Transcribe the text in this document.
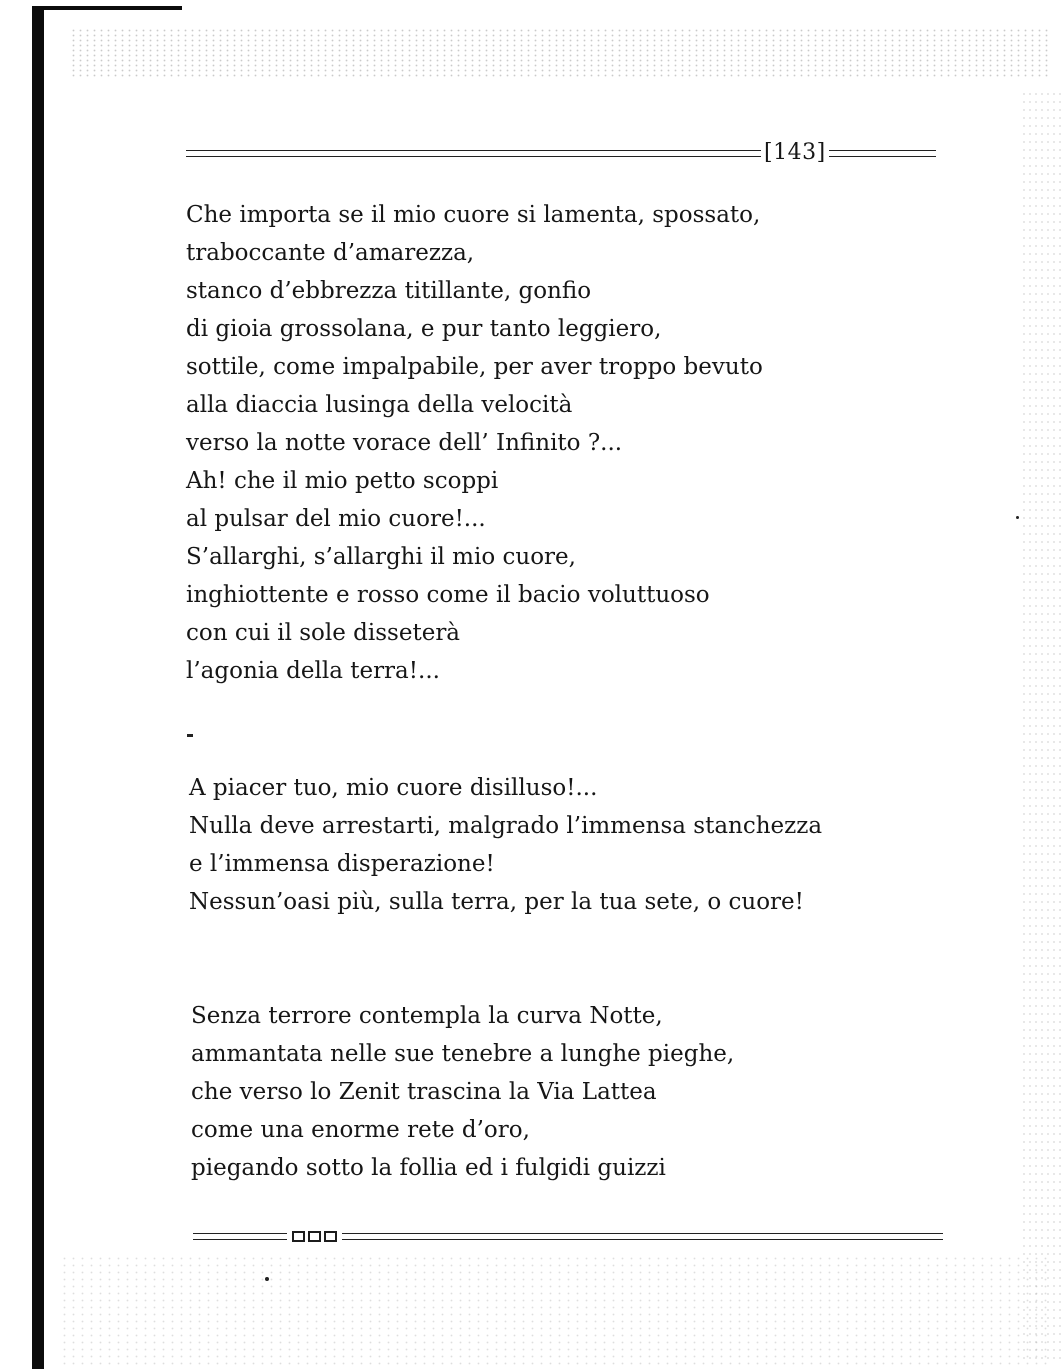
[143]
Che importa se il mio cuore si lamenta, spossato,
traboccante d’amarezza,
stanco d’ebbrezza titillante, gonfio
di gioia grossolana, e pur tanto leggiero,
sottile, come impalpabile, per aver troppo bevuto
alla diaccia lusinga della velocità
verso la notte vorace dell’ Infinito ?...
Ah! che il mio petto scoppi
al pulsar del mio cuore!...
S’allarghi, s’allarghi il mio cuore,
inghiottente e rosso come il bacio voluttuoso
con cui il sole disseterà
l’agonia della terra!...
A piacer tuo, mio cuore disilluso!...
Nulla deve arrestarti, malgrado l’immensa stanchezza
e l’immensa disperazione!
Nessun’oasi più, sulla terra, per la tua sete, o cuore!
Senza terrore contempla la curva Notte,
ammantata nelle sue tenebre a lunghe pieghe,
che verso lo Zenit trascina la Via Lattea
come una enorme rete d’oro,
piegando sotto la follia ed i fulgidi guizzi
